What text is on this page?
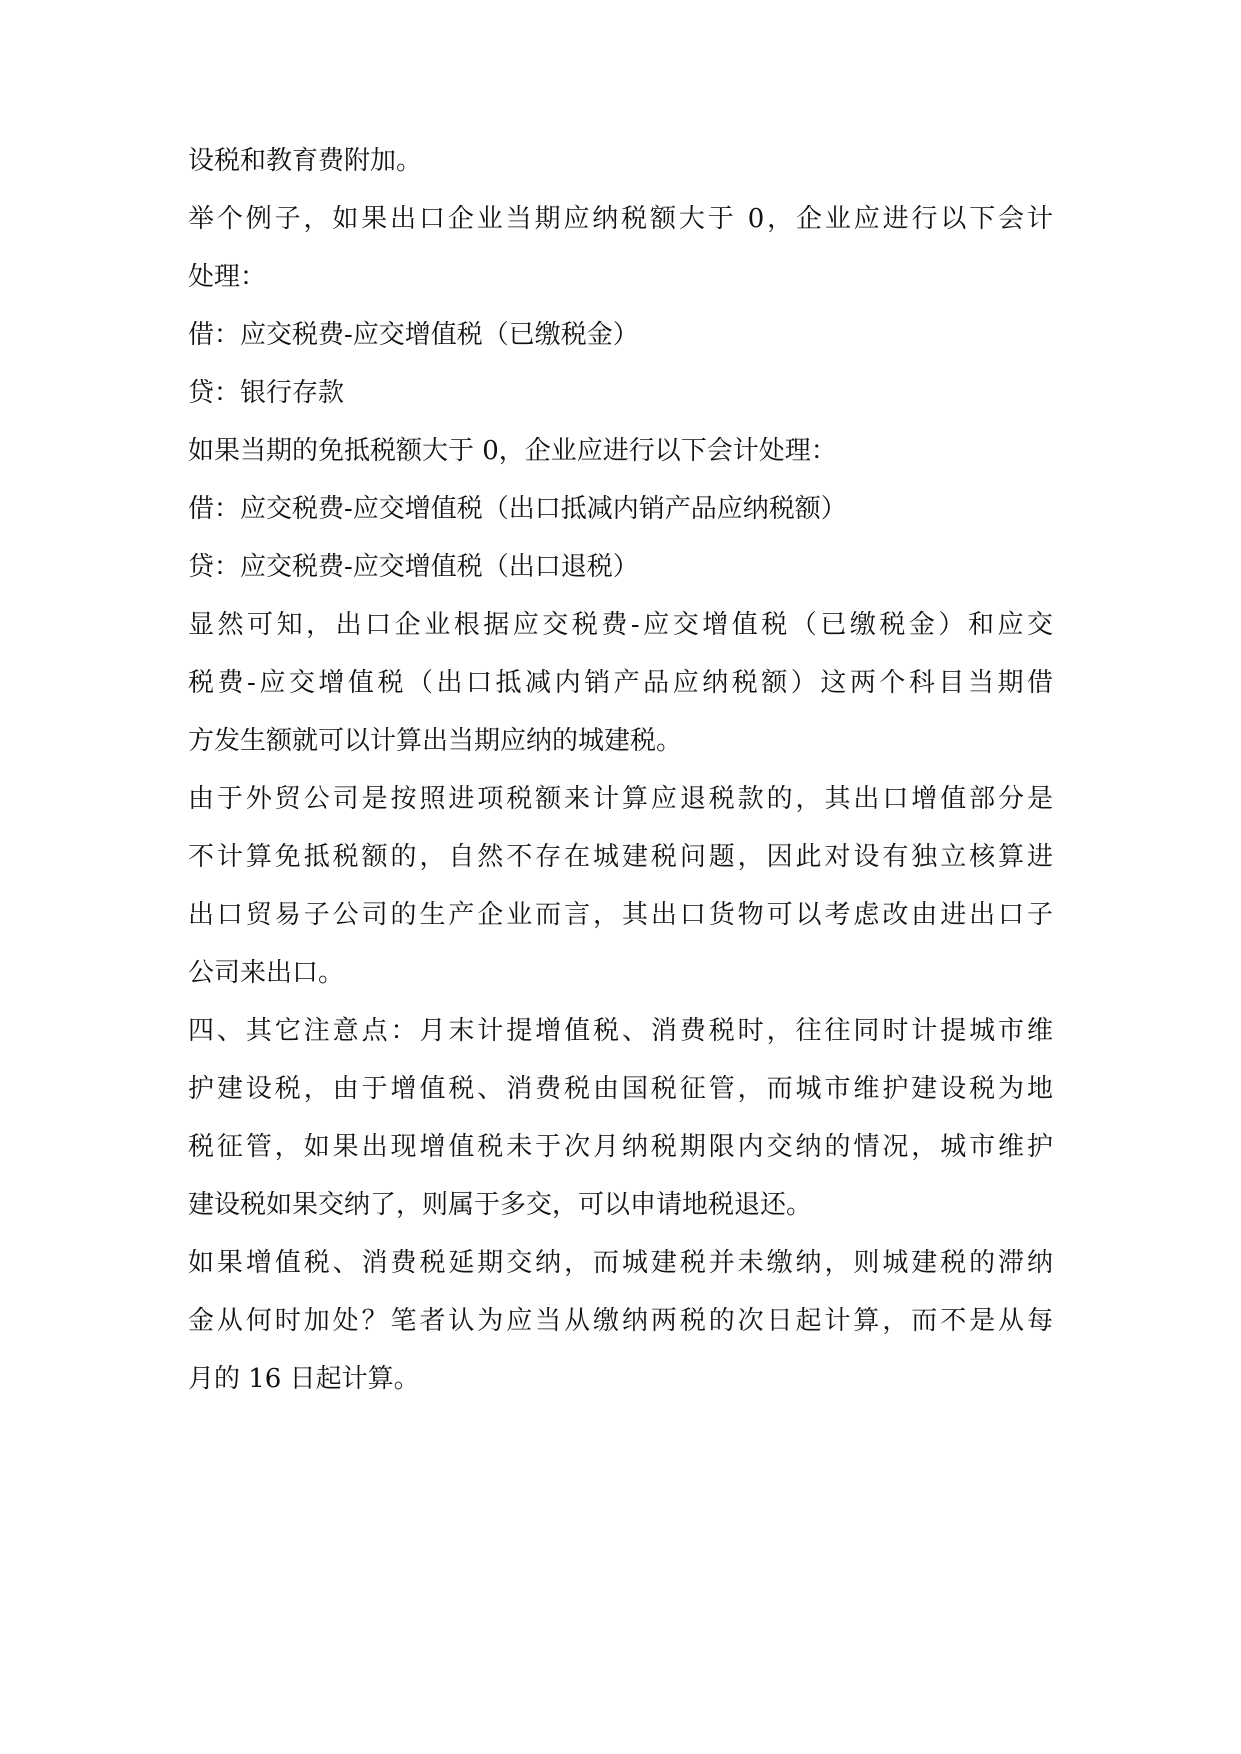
设税和教育费附加。
举个例子，如果出口企业当期应纳税额大于 0，企业应进行以下会计
处理：
借：应交税费-应交增值税（已缴税金）
贷：银行存款
如果当期的免抵税额大于 0，企业应进行以下会计处理：
借：应交税费-应交增值税（出口抵减内销产品应纳税额）
贷：应交税费-应交增值税（出口退税）
显然可知，出口企业根据应交税费-应交增值税（已缴税金）和应交
税费-应交增值税（出口抵减内销产品应纳税额）这两个科目当期借
方发生额就可以计算出当期应纳的城建税。
由于外贸公司是按照进项税额来计算应退税款的，其出口增值部分是
不计算免抵税额的，自然不存在城建税问题，因此对设有独立核算进
出口贸易子公司的生产企业而言，其出口货物可以考虑改由进出口子
公司来出口。
四、其它注意点：月末计提增值税、消费税时，往往同时计提城市维
护建设税，由于增值税、消费税由国税征管，而城市维护建设税为地
税征管，如果出现增值税未于次月纳税期限内交纳的情况，城市维护
建设税如果交纳了，则属于多交，可以申请地税退还。
如果增值税、消费税延期交纳，而城建税并未缴纳，则城建税的滞纳
金从何时加处？笔者认为应当从缴纳两税的次日起计算，而不是从每
月的 16 日起计算。
